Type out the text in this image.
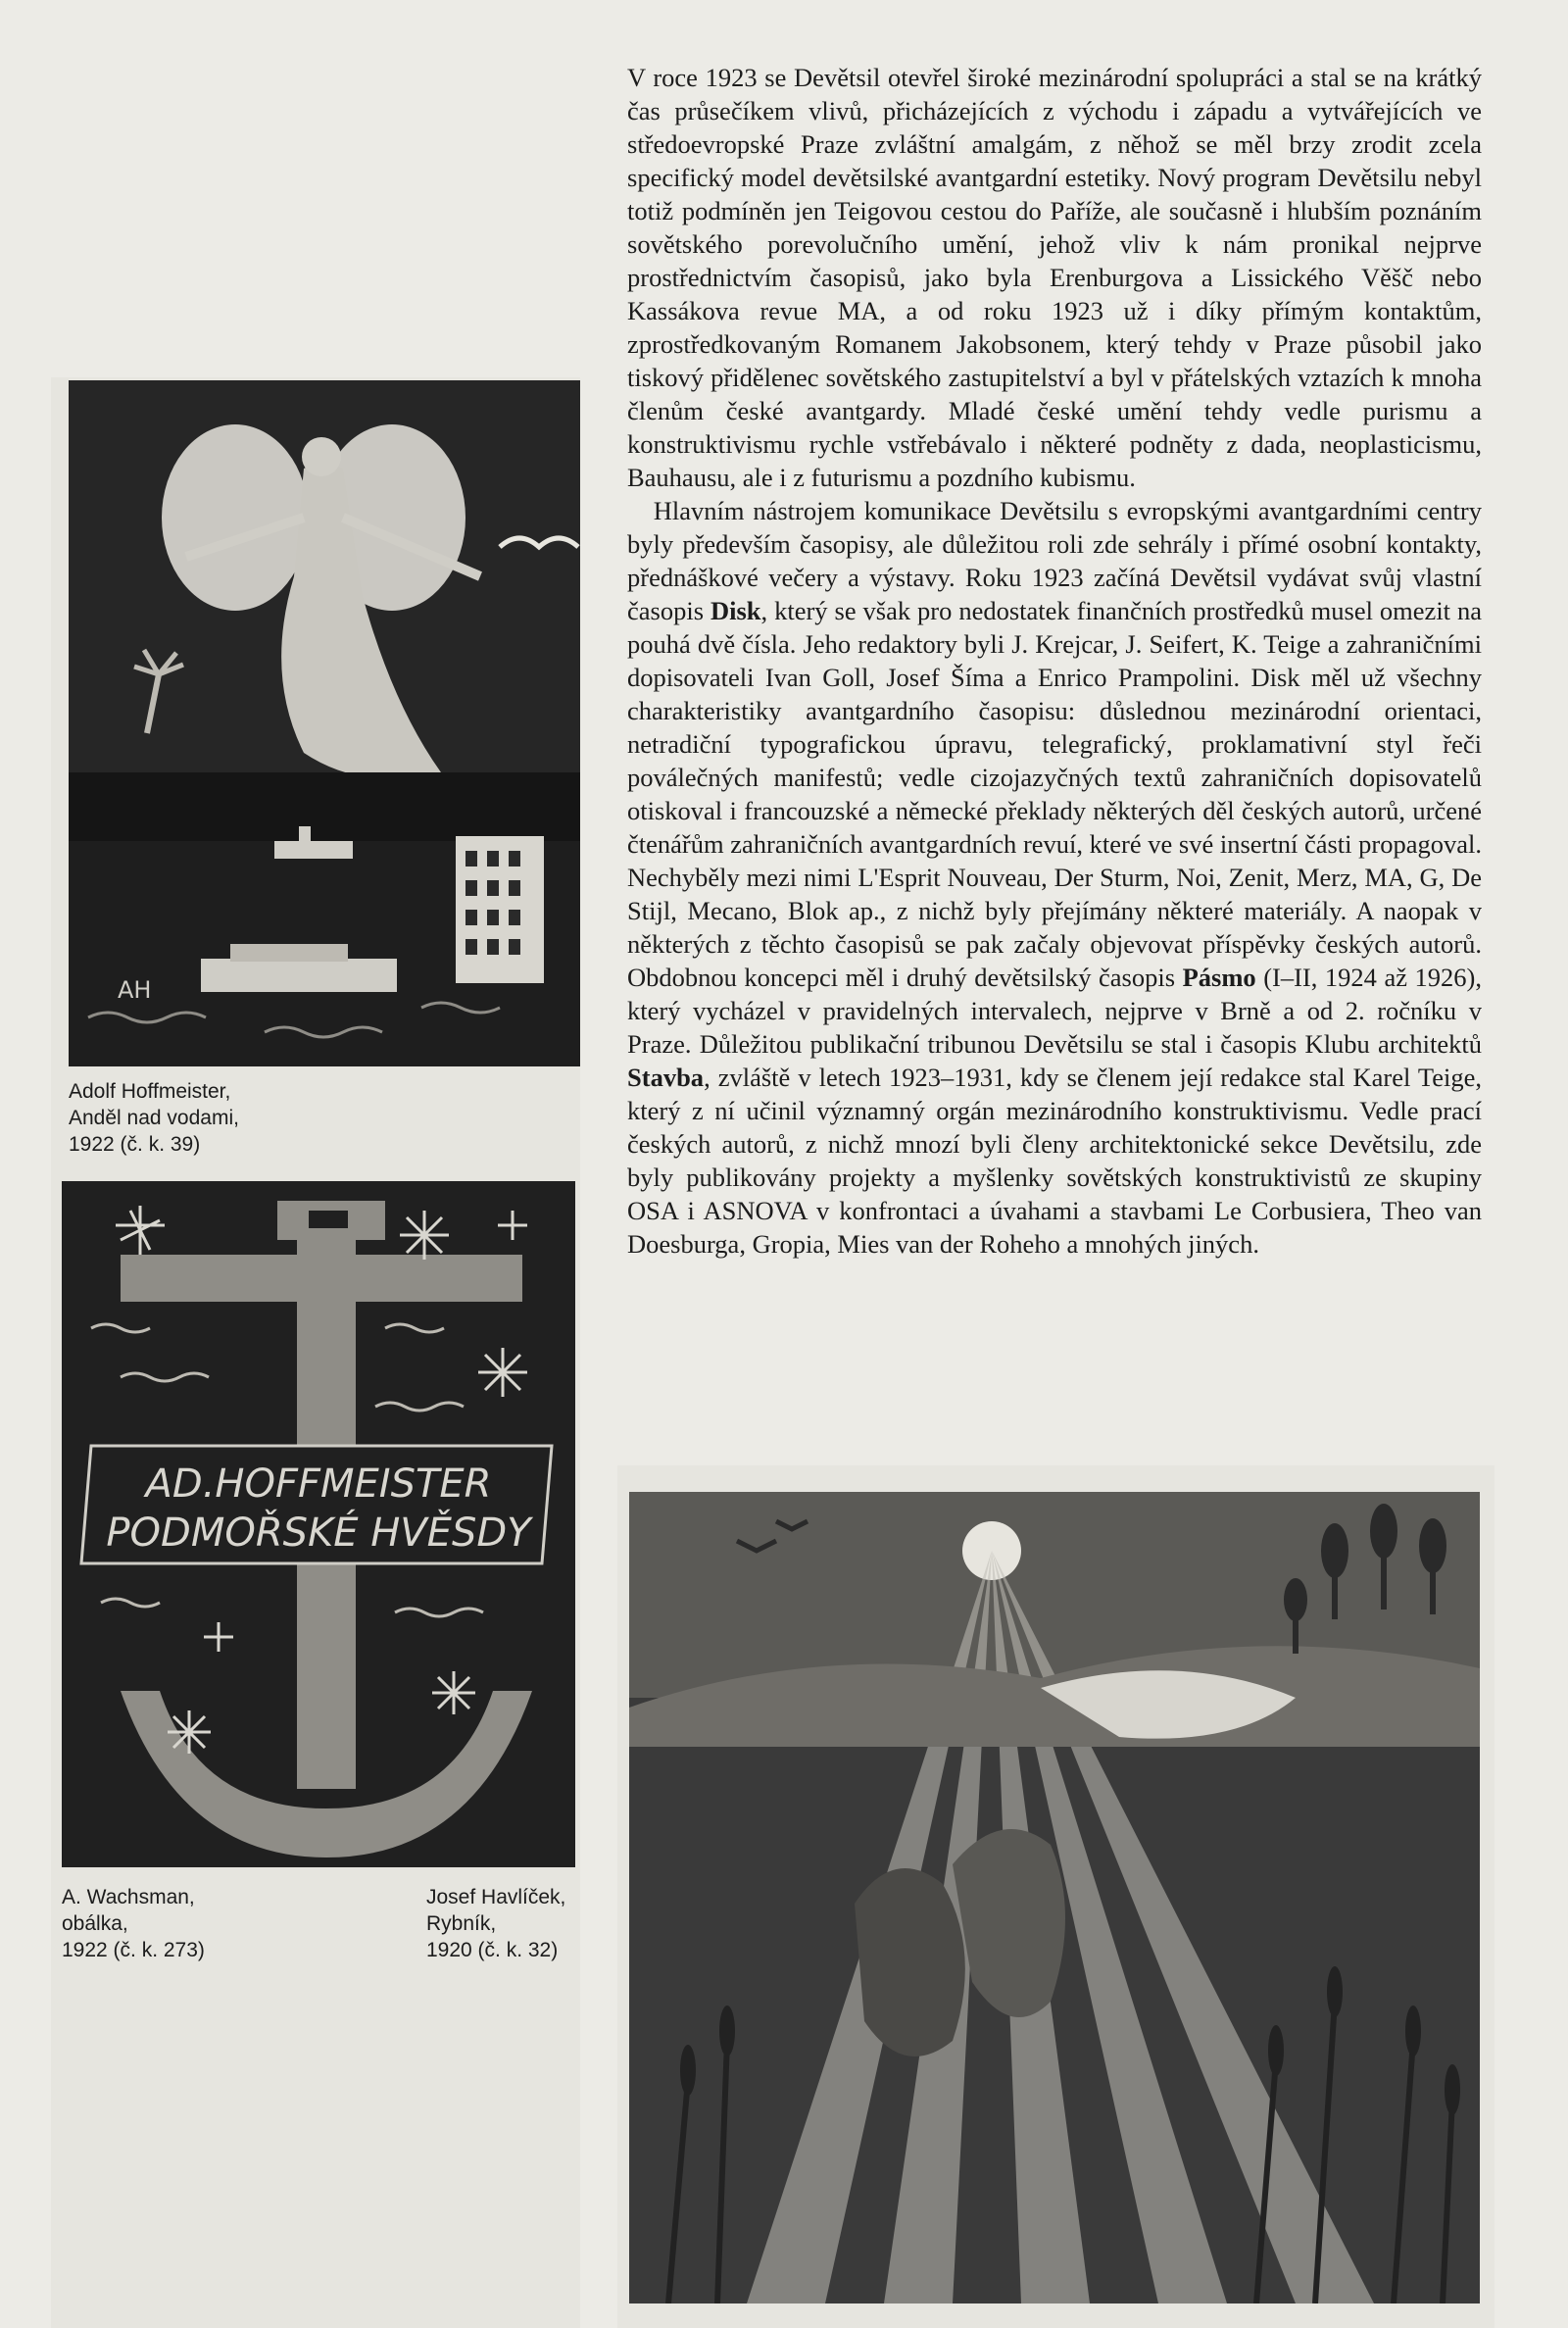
V roce 1923 se Devětsil otevřel široké mezinárodní spolupráci a stal se na krátký čas průsečíkem vlivů, přicházejících z východu i západu a vytvářejících ve středoevropské Praze zvláštní amalgám, z něhož se měl brzy zrodit zcela specifický model devětsilské avantgardní estetiky. Nový program Devětsilu nebyl totiž podmíněn jen Teigovou cestou do Paříže, ale současně i hlubším poznáním sovětského porevolučního umění, jehož vliv k nám pronikal nejprve prostřednictvím časopisů, jako byla Erenburgova a Lissického Věšč nebo Kassákova revue MA, a od roku 1923 už i díky přímým kontaktům, zprostředkovaným Romanem Jakobsonem, který tehdy v Praze působil jako tiskový přidělenec sovětského zastupitelství a byl v přátelských vztazích k mnoha členům české avantgardy. Mladé české umění tehdy vedle purismu a konstruktivismu rychle vstřebávalo i některé podněty z dada, neoplasticismu, Bauhausu, ale i z futurismu a pozdního kubismu.

Hlavním nástrojem komunikace Devětsilu s evropskými avantgardními centry byly především časopisy, ale důležitou roli zde sehrály i přímé osobní kontakty, přednáškové večery a výstavy. Roku 1923 začíná Devětsil vydávat svůj vlastní časopis Disk, který se však pro nedostatek finančních prostředků musel omezit na pouhá dvě čísla. Jeho redaktory byli J. Krejcar, J. Seifert, K. Teige a zahraničními dopisovateli Ivan Goll, Josef Šíma a Enrico Prampolini. Disk měl už všechny charakteristiky avantgardního časopisu: důslednou mezinárodní orientaci, netradiční typografickou úpravu, telegrafický, proklamativní styl řeči poválečných manifestů; vedle cizojazyčných textů zahraničních dopisovatelů otiskoval i francouzské a německé překlady některých děl českých autorů, určené čtenářům zahraničních avantgardních revuí, které ve své insertní části propagoval. Nechyběly mezi nimi L'Esprit Nouveau, Der Sturm, Noi, Zenit, Merz, MA, G, De Stijl, Mecano, Blok ap., z nichž byly přejímány některé materiály. A naopak v některých z těchto časopisů se pak začaly objevovat příspěvky českých autorů. Obdobnou koncepci měl i druhý devětsilský časopis Pásmo (I–II, 1924 až 1926), který vycházel v pravidelných intervalech, nejprve v Brně a od 2. ročníku v Praze. Důležitou publikační tribunou Devětsilu se stal i časopis Klubu architektů Stavba, zvláště v letech 1923–1931, kdy se členem její redakce stal Karel Teige, který z ní učinil významný orgán mezinárodního konstruktivismu. Vedle prací českých autorů, z nichž mnozí byli členy architektonické sekce Devětsilu, zde byly publikovány projekty a myšlenky sovětských konstruktivistů ze skupiny OSA i ASNOVA v konfrontaci a úvahami a stavbami Le Corbusiera, Theo van Doesburga, Gropia, Mies van der Roheho a mnohých jiných.

AH
Adolf Hoffmeister,
Anděl nad vodami,
1922 (č. k. 39)
AD.HOFFMEISTER
PODMOŘSKÉ HVĚSDY
A. Wachsman,
obálka,
1922 (č. k. 273)
Josef Havlíček,
Rybník,
1920 (č. k. 32)
